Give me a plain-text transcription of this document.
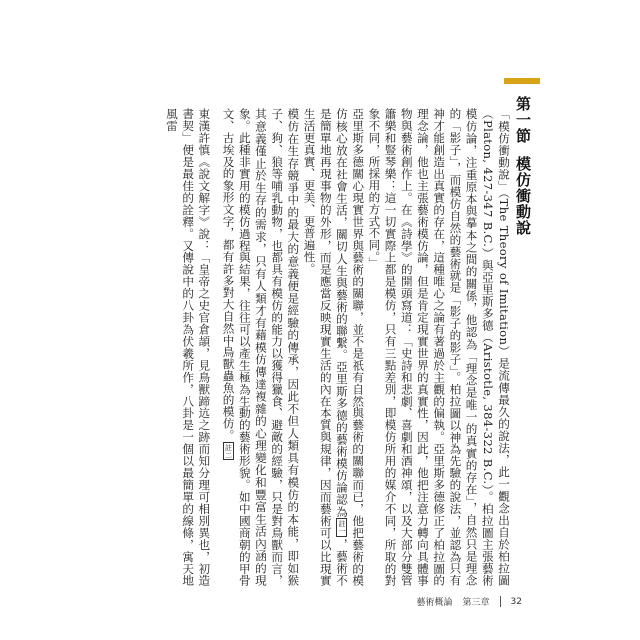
第一節模仿衝動說

「模仿衝動說」（The Theory of Imitation）是流傳最久的說法，此一觀念出自於柏拉圖（Platon, 427-347 B.C.）與亞里斯多德（Aristotle, 384-322 B.C.）。柏拉圖主張藝術模仿論，注重原本與摹本之間的關係，他認為「理念是唯一的真實的存在」，自然只是理念的「影子」，而模仿自然的藝術就是「影子的影子」。柏拉圖以神為先驗的說法，並認為只有神才能創造出真實的存在，這種唯心之論有著過於主觀的偏執。亞里斯多德修正了柏拉圖的理念論，他也主張藝術模仿論，但是肯定現實世界的真實性，因此，他把注意力轉向具體事物與藝術創作上。在《詩學》的開頭寫道：「史詩和悲劇、喜劇和酒神頌，以及大部分雙管簫樂和豎琴樂：這一切實際上都是模仿，只有三點差別，即模仿所用的媒介不同，所取的對象不同，所採用的方式不同。」

亞里斯多德關心現實世界與藝術的關聯，並不是祇有自然與藝術的關聯而已，他把藝術的模仿核心放在社會生活，關切人生與藝術的聯繫。亞里斯多德的藝術模仿論認為註一，藝術不是簡單地再現事物的外形，而是應當反映現實生活的內在本質與規律，因而藝術可以比現實生活更真實、更美、更普遍性。

模仿在生存競爭中的最大的意義便是經驗的傳承，因此不但人類具有模仿的本能，即如猴子、狗、狼等哺乳動物，也都具有模仿的能力以獲得獵食、避敵的經驗，只是對鳥獸而言，其意義僅止於生存的需求，只有人類才有藉模仿傳達複雜的心理變化和豐富生活內涵的現象。此種非實用的模仿過程與結果，往往可以產生極為生動的藝術形貌。如中國商朝的甲骨文、古埃及的象形文字，都有許多對大自然中鳥獸蟲魚的模仿。註二

東漢許慎《說文解字》說：「皇帝之史官倉頡，見鳥獸蹄迒之跡而知分理可相別異也，初造書契」便是最佳的詮釋。又傳說中的八卦為伏羲所作，八卦是一個以最簡單的線條，寓天地風雷

藝術概論 第三章 32
